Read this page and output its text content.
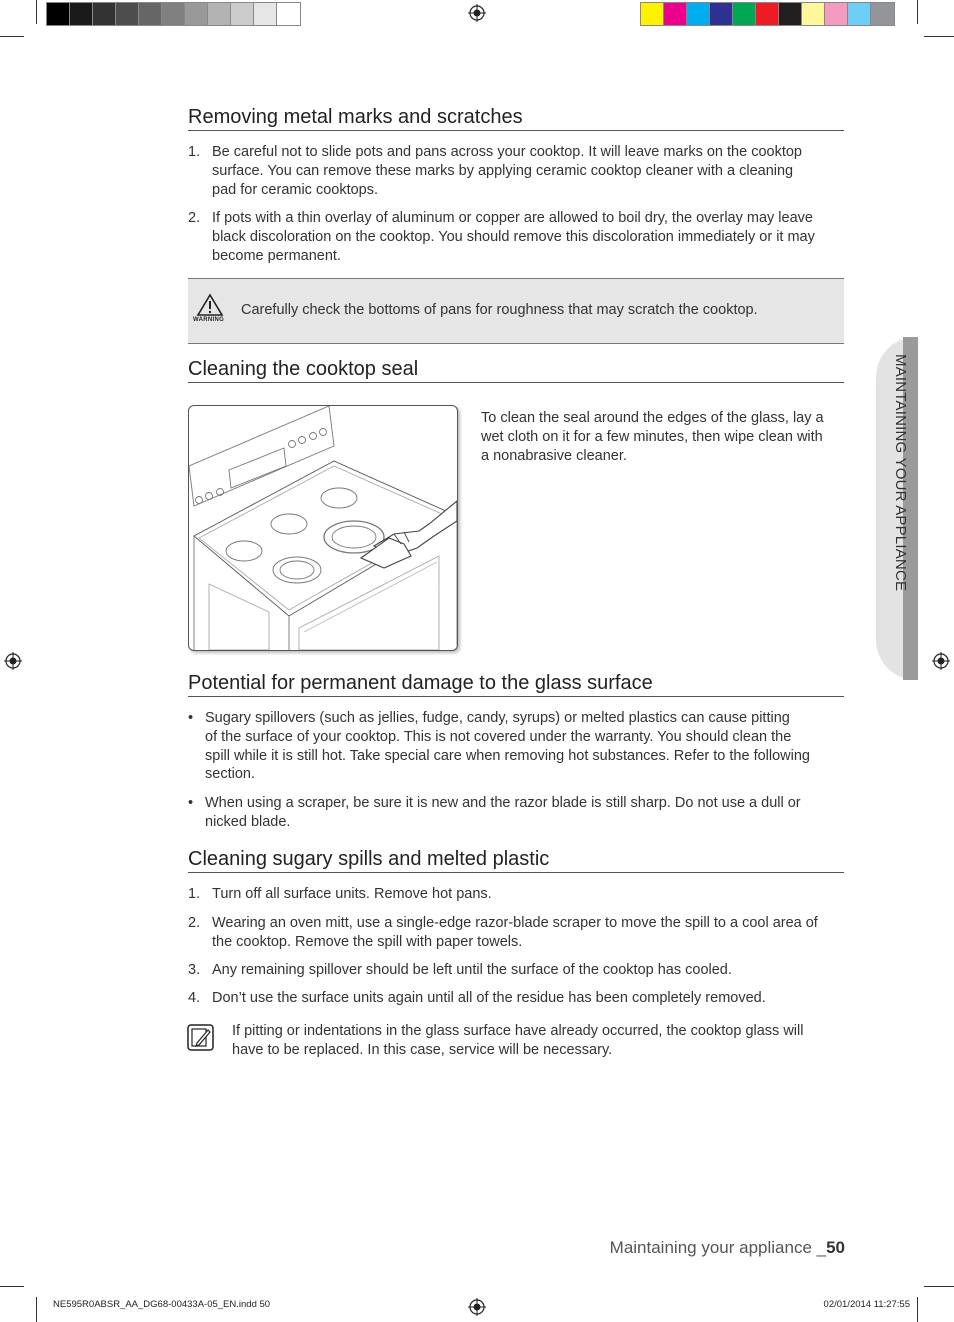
MAINTAINING YOUR APPLIANCE
Removing metal marks and scratches
1. Be careful not to slide pots and pans across your cooktop. It will leave marks on the cooktop
surface. You can remove these marks by applying ceramic cooktop cleaner with a cleaning
pad for ceramic cooktops.
2. If pots with a thin overlay of aluminum or copper are allowed to boil dry, the overlay may leave
black discoloration on the cooktop. You should remove this discoloration immediately or it may
become permanent.
WARNING
Carefully check the bottoms of pans for roughness that may scratch the cooktop.
Cleaning the cooktop seal
To clean the seal around the edges of the glass, lay a
wet cloth on it for a few minutes, then wipe clean with
a nonabrasive cleaner.
Potential for permanent damage to the glass surface
• Sugary spillovers (such as jellies, fudge, candy, syrups) or melted plastics can cause pitting
of the surface of your cooktop. This is not covered under the warranty. You should clean the
spill while it is still hot. Take special care when removing hot substances. Refer to the following
section.
• When using a scraper, be sure it is new and the razor blade is still sharp. Do not use a dull or
nicked blade.
Cleaning sugary spills and melted plastic
1. Turn off all surface units. Remove hot pans.
2. Wearing an oven mitt, use a single-edge razor-blade scraper to move the spill to a cool area of
the cooktop. Remove the spill with paper towels.
3. Any remaining spillover should be left until the surface of the cooktop has cooled.
4. Don’t use the surface units again until all of the residue has been completely removed.
If pitting or indentations in the glass surface have already occurred, the cooktop glass will
have to be replaced. In this case, service will be necessary.
Maintaining your appliance _50
NE595R0ABSR_AA_DG68-00433A-05_EN.indd 50	02/01/2014 11:27:55
